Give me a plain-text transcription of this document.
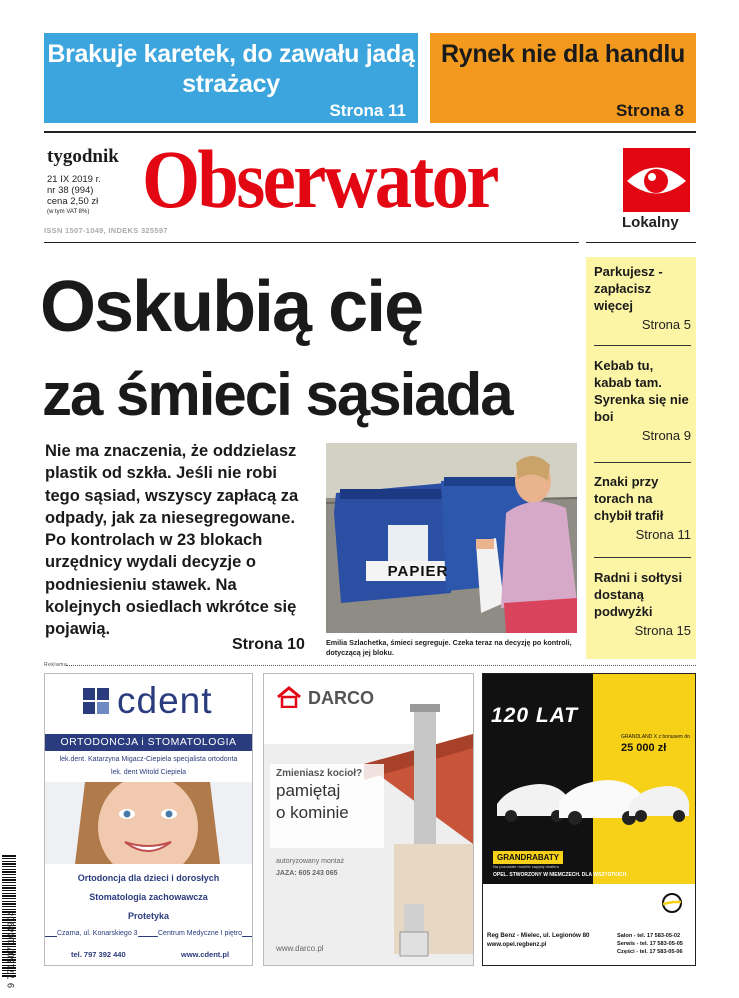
Brakuje karetek, do zawału jadą strażacy
Strona 11
Rynek nie dla handlu
Strona 8
tygodnik
21 IX 2019 r.
nr 38 (994)
cena 2,50 zł
(w tym VAT 8%)
ISSN 1507-1049, INDEKS 325597
Obserwator	Lokalny
Oskubią cię
za śmieci sąsiada
Nie ma znaczenia, że oddzielasz plastik od szkła. Jeśli nie robi tego sąsiad, wszyscy zapłacą za odpady, jak za niesegregowane. Po kontrolach w 23 blokach urzędnicy wydali decyzje o podniesieniu stawek. Na kolejnych osiedlach wkrótce się pojawią.
Strona 10
PAPIER
Emilia Szlachetka, śmieci segreguje. Czeka teraz na decyzję po kontroli, dotyczącą jej bloku.
Parkujesz - zapłacisz więcej
Strona 5
Kebab tu, kabab tam. Syrenka się nie boi
Strona 9
Znaki przy torach na chybił trafił
Strona 11
Radni i sołtysi dostaną podwyżki
Strona 15
Reklama
cdent
ORTODONCJA i STOMATOLOGIA
lek.dent. Katarzyna Migacz-Ciepiela specjalista ortodonta
lek. dent Witold Ciepiela
Ortodoncja dla dzieci i dorosłych
Stomatologia zachowawcza
Protetyka
Czarna, ul. Konarskiego 3	Centrum Medyczne I piętro
tel. 797 392 440	www.cdent.pl
DARCO
Zmieniasz kocioł?
pamiętaj
o kominie
autoryzowany montaż
JAZA: 605 243 065
www.darco.pl
120 LAT
GRANDLAND X z bonusem do
25 000 zł
GRANDRABATY
Na pozostałe modele zapytaj dealera
OPEL. STWORZONY W NIEMCZECH. DLA WSZYSTKICH.
Reg Benz - Mielec, ul. Legionów 80
www.opel.regbenz.pl
Salon - tel. 17 583-05-02
Serwis - tel. 17 583-05-05
Części - tel. 17 583-05-06
9 771507 104904
